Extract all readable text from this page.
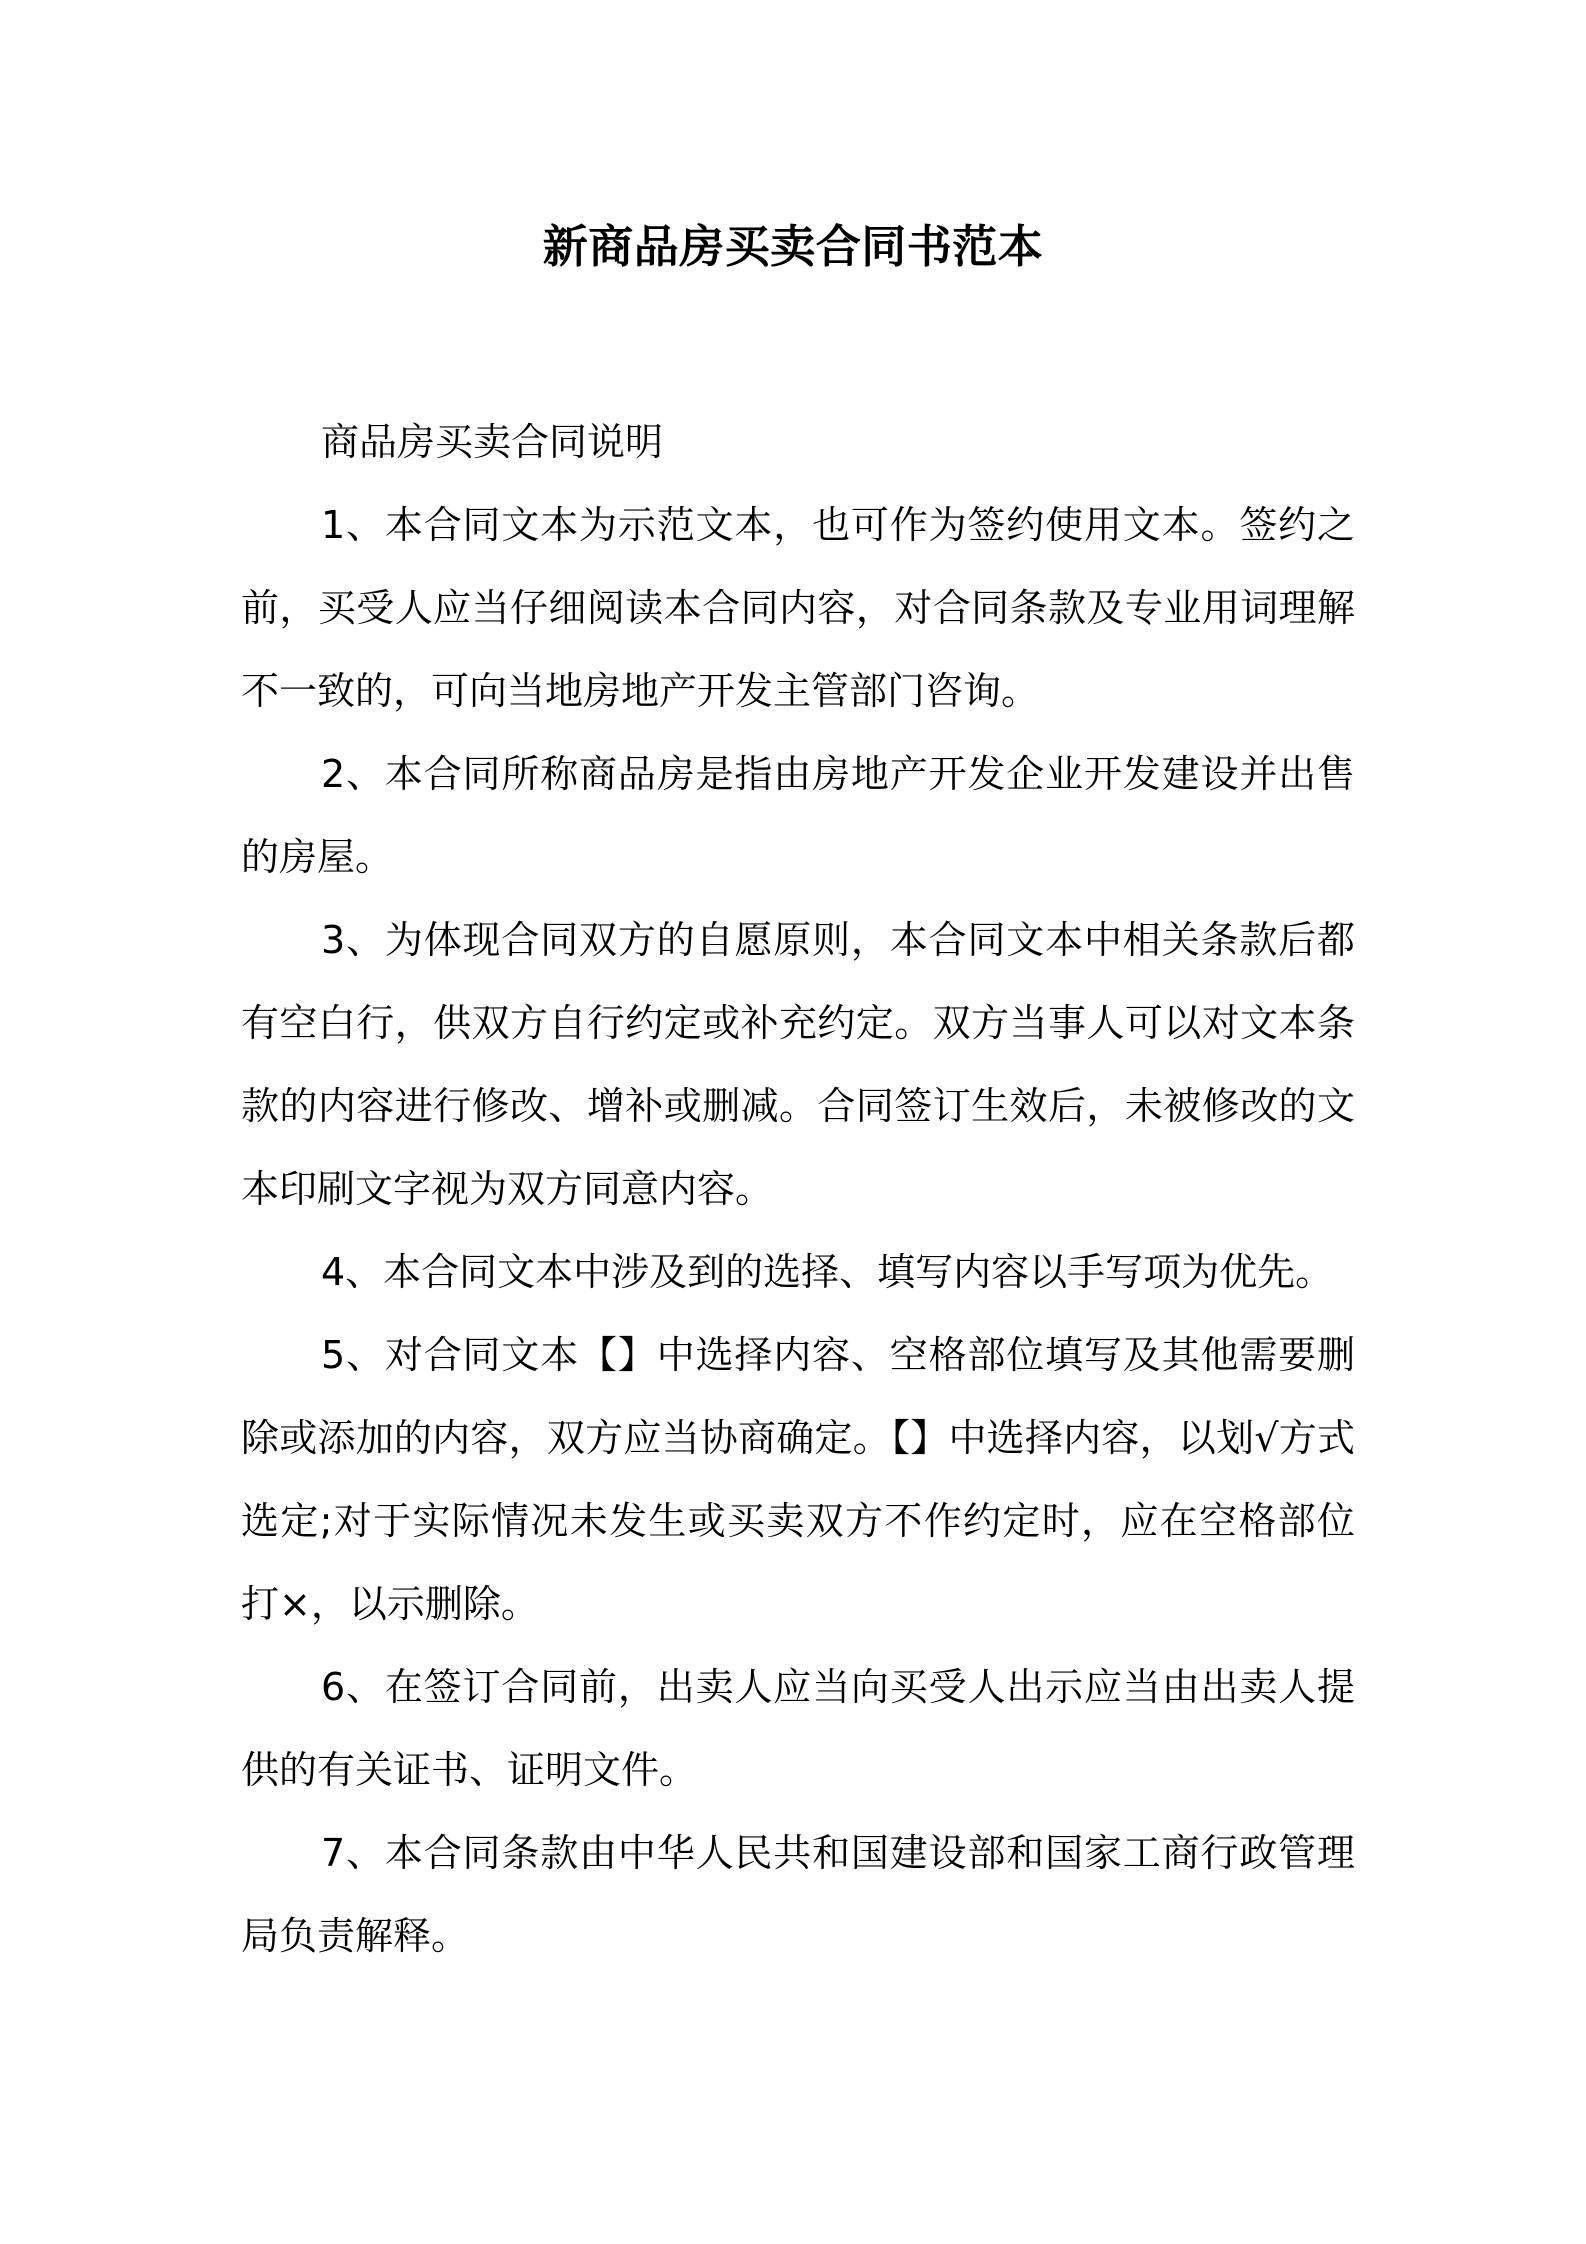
新商品房买卖合同书范本

商品房买卖合同说明

1、本合同文本为示范文本，也可作为签约使用文本。签约之前，买受人应当仔细阅读本合同内容，对合同条款及专业用词理解不一致的，可向当地房地产开发主管部门咨询。

2、本合同所称商品房是指由房地产开发企业开发建设并出售的房屋。

3、为体现合同双方的自愿原则，本合同文本中相关条款后都有空白行，供双方自行约定或补充约定。双方当事人可以对文本条款的内容进行修改、增补或删减。合同签订生效后，未被修改的文本印刷文字视为双方同意内容。

4、本合同文本中涉及到的选择、填写内容以手写项为优先。

5、对合同文本【】中选择内容、空格部位填写及其他需要删除或添加的内容，双方应当协商确定。【】中选择内容，以划√方式选定;对于实际情况未发生或买卖双方不作约定时，应在空格部位打×，以示删除。

6、在签订合同前，出卖人应当向买受人出示应当由出卖人提供的有关证书、证明文件。

7、本合同条款由中华人民共和国建设部和国家工商行政管理局负责解释。
